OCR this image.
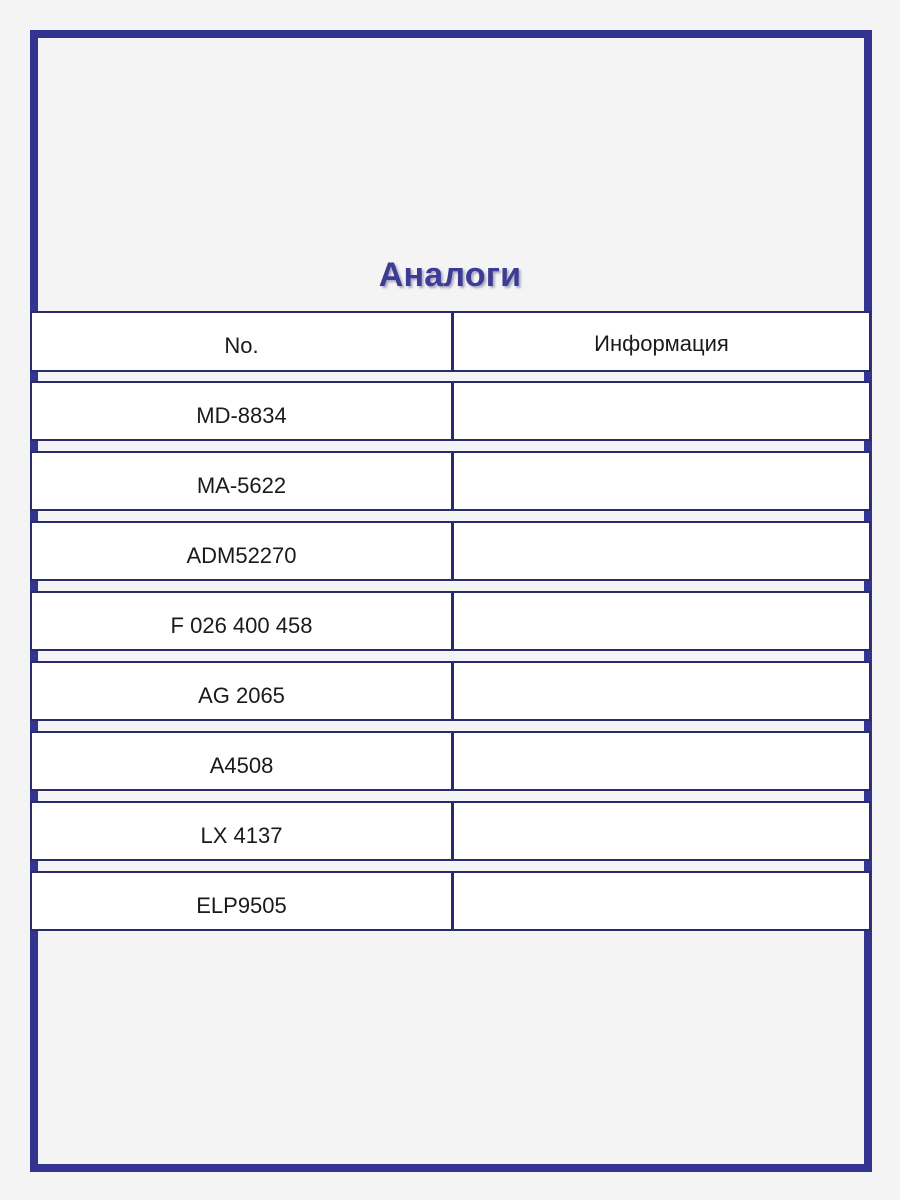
Аналоги
No.	Информация
MD-8834
MA-5622
ADM52270
F 026 400 458
AG 2065
A4508
LX 4137
ELP9505
